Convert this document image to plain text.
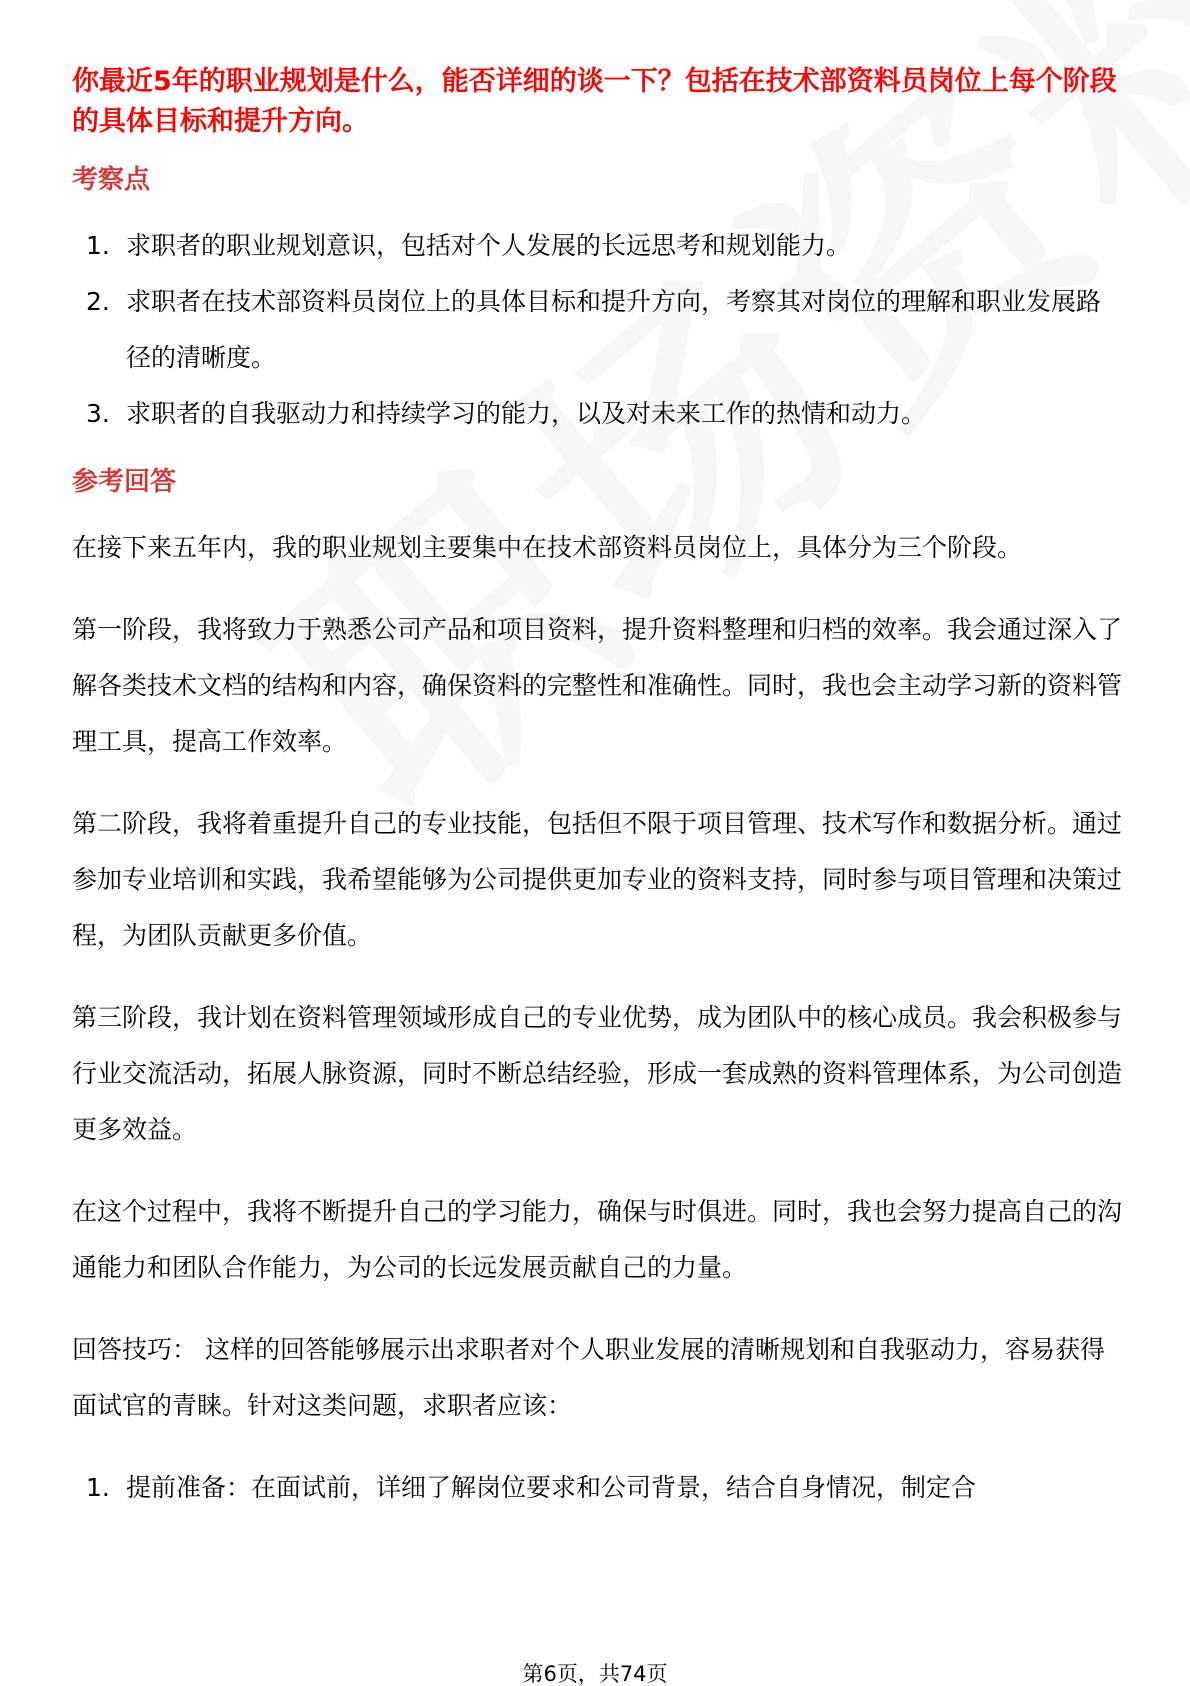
你最近5年的职业规划是什么，能否详细的谈一下？包括在技术部资料员岗位上每个阶段的具体目标和提升方向。
考察点
1. 求职者的职业规划意识，包括对个人发展的长远思考和规划能力。
2. 求职者在技术部资料员岗位上的具体目标和提升方向，考察其对岗位的理解和职业发展路径的清晰度。
3. 求职者的自我驱动力和持续学习的能力，以及对未来工作的热情和动力。
参考回答

在接下来五年内，我的职业规划主要集中在技术部资料员岗位上，具体分为三个阶段。

第一阶段，我将致力于熟悉公司产品和项目资料，提升资料整理和归档的效率。我会通过深入了解各类技术文档的结构和内容，确保资料的完整性和准确性。同时，我也会主动学习新的资料管理工具，提高工作效率。

第二阶段，我将着重提升自己的专业技能，包括但不限于项目管理、技术写作和数据分析。通过参加专业培训和实践，我希望能够为公司提供更加专业的资料支持，同时参与项目管理和决策过程，为团队贡献更多价值。

第三阶段，我计划在资料管理领域形成自己的专业优势，成为团队中的核心成员。我会积极参与行业交流活动，拓展人脉资源，同时不断总结经验，形成一套成熟的资料管理体系，为公司创造更多效益。

在这个过程中，我将不断提升自己的学习能力，确保与时俱进。同时，我也会努力提高自己的沟通能力和团队合作能力，为公司的长远发展贡献自己的力量。

回答技巧： 这样的回答能够展示出求职者对个人职业发展的清晰规划和自我驱动力，容易获得面试官的青睐。针对这类问题，求职者应该：

1. 提前准备：在面试前，详细了解岗位要求和公司背景，结合自身情况，制定合
第6页，共74页
